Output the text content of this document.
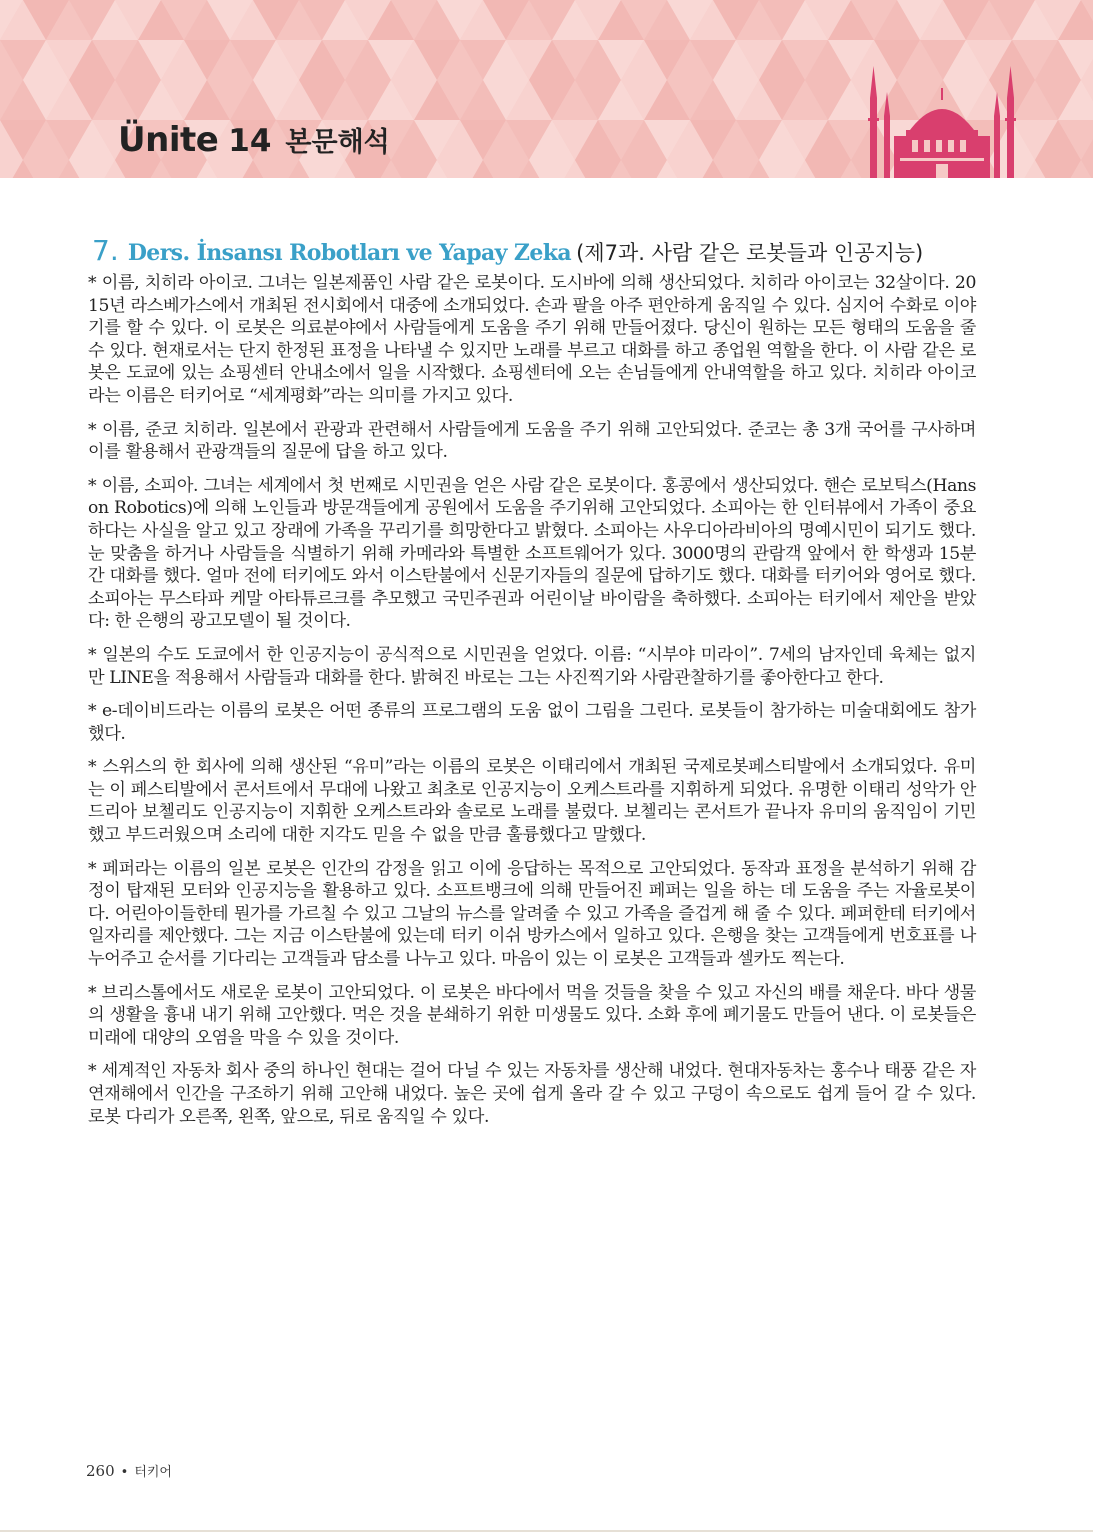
Ünite 14 본문해석
7. Ders. İnsansı Robotları ve Yapay Zeka (제7과. 사람 같은 로봇들과 인공지능)

* 이름, 치히라 아이코. 그녀는 일본제품인 사람 같은 로봇이다. 도시바에 의해 생산되었다. 치히라 아이코는 32살이다. 2015년 라스베가스에서 개최된 전시회에서 대중에 소개되었다. 손과 팔을 아주 편안하게 움직일 수 있다. 심지어 수화로 이야기를 할 수 있다. 이 로봇은 의료분야에서 사람들에게 도움을 주기 위해 만들어졌다. 당신이 원하는 모든 형태의 도움을 줄 수 있다. 현재로서는 단지 한정된 표정을 나타낼 수 있지만 노래를 부르고 대화를 하고 종업원 역할을 한다. 이 사람 같은 로봇은 도쿄에 있는 쇼핑센터 안내소에서 일을 시작했다. 쇼핑센터에 오는 손님들에게 안내역할을 하고 있다. 치히라 아이코라는 이름은 터키어로 “세계평화”라는 의미를 가지고 있다.

* 이름, 준코 치히라. 일본에서 관광과 관련해서 사람들에게 도움을 주기 위해 고안되었다. 준코는 총 3개 국어를 구사하며 이를 활용해서 관광객들의 질문에 답을 하고 있다.

* 이름, 소피아. 그녀는 세계에서 첫 번째로 시민권을 얻은 사람 같은 로봇이다. 홍콩에서 생산되었다. 핸슨 로보틱스(Hanson Robotics)에 의해 노인들과 방문객들에게 공원에서 도움을 주기위해 고안되었다. 소피아는 한 인터뷰에서 가족이 중요하다는 사실을 알고 있고 장래에 가족을 꾸리기를 희망한다고 밝혔다. 소피아는 사우디아라비아의 명예시민이 되기도 했다. 눈 맞춤을 하거나 사람들을 식별하기 위해 카메라와 특별한 소프트웨어가 있다. 3000명의 관람객 앞에서 한 학생과 15분간 대화를 했다. 얼마 전에 터키에도 와서 이스탄불에서 신문기자들의 질문에 답하기도 했다. 대화를 터키어와 영어로 했다. 소피아는 무스타파 케말 아타튜르크를 추모했고 국민주권과 어린이날 바이람을 축하했다. 소피아는 터키에서 제안을 받았다: 한 은행의 광고모델이 될 것이다.

* 일본의 수도 도쿄에서 한 인공지능이 공식적으로 시민권을 얻었다. 이름: “시부야 미라이”. 7세의 남자인데 육체는 없지만 LINE을 적용해서 사람들과 대화를 한다. 밝혀진 바로는 그는 사진찍기와 사람관찰하기를 좋아한다고 한다.

* e-데이비드라는 이름의 로봇은 어떤 종류의 프로그램의 도움 없이 그림을 그린다. 로봇들이 참가하는 미술대회에도 참가했다.

* 스위스의 한 회사에 의해 생산된 “유미”라는 이름의 로봇은 이태리에서 개최된 국제로봇페스티발에서 소개되었다. 유미는 이 페스티발에서 콘서트에서 무대에 나왔고 최초로 인공지능이 오케스트라를 지휘하게 되었다. 유명한 이태리 성악가 안드리아 보첼리도 인공지능이 지휘한 오케스트라와 솔로로 노래를 불렀다. 보첼리는 콘서트가 끝나자 유미의 움직임이 기민했고 부드러웠으며 소리에 대한 지각도 믿을 수 없을 만큼 훌륭했다고 말했다.

* 페퍼라는 이름의 일본 로봇은 인간의 감정을 읽고 이에 응답하는 목적으로 고안되었다. 동작과 표정을 분석하기 위해 감정이 탑재된 모터와 인공지능을 활용하고 있다. 소프트뱅크에 의해 만들어진 페퍼는 일을 하는 데 도움을 주는 자율로봇이다. 어린아이들한테 뭔가를 가르칠 수 있고 그날의 뉴스를 알려줄 수 있고 가족을 즐겁게 해 줄 수 있다. 페퍼한테 터키에서 일자리를 제안했다. 그는 지금 이스탄불에 있는데 터키 이쉬 방카스에서 일하고 있다. 은행을 찾는 고객들에게 번호표를 나누어주고 순서를 기다리는 고객들과 담소를 나누고 있다. 마음이 있는 이 로봇은 고객들과 셀카도 찍는다.

* 브리스톨에서도 새로운 로봇이 고안되었다. 이 로봇은 바다에서 먹을 것들을 찾을 수 있고 자신의 배를 채운다. 바다 생물의 생활을 흉내 내기 위해 고안했다. 먹은 것을 분쇄하기 위한 미생물도 있다. 소화 후에 폐기물도 만들어 낸다. 이 로봇들은 미래에 대양의 오염을 막을 수 있을 것이다.

* 세계적인 자동차 회사 중의 하나인 현대는 걸어 다닐 수 있는 자동차를 생산해 내었다. 현대자동차는 홍수나 태풍 같은 자연재해에서 인간을 구조하기 위해 고안해 내었다. 높은 곳에 쉽게 올라 갈 수 있고 구덩이 속으로도 쉽게 들어 갈 수 있다. 로봇 다리가 오른쪽, 왼쪽, 앞으로, 뒤로 움직일 수 있다.

260 • 터키어
